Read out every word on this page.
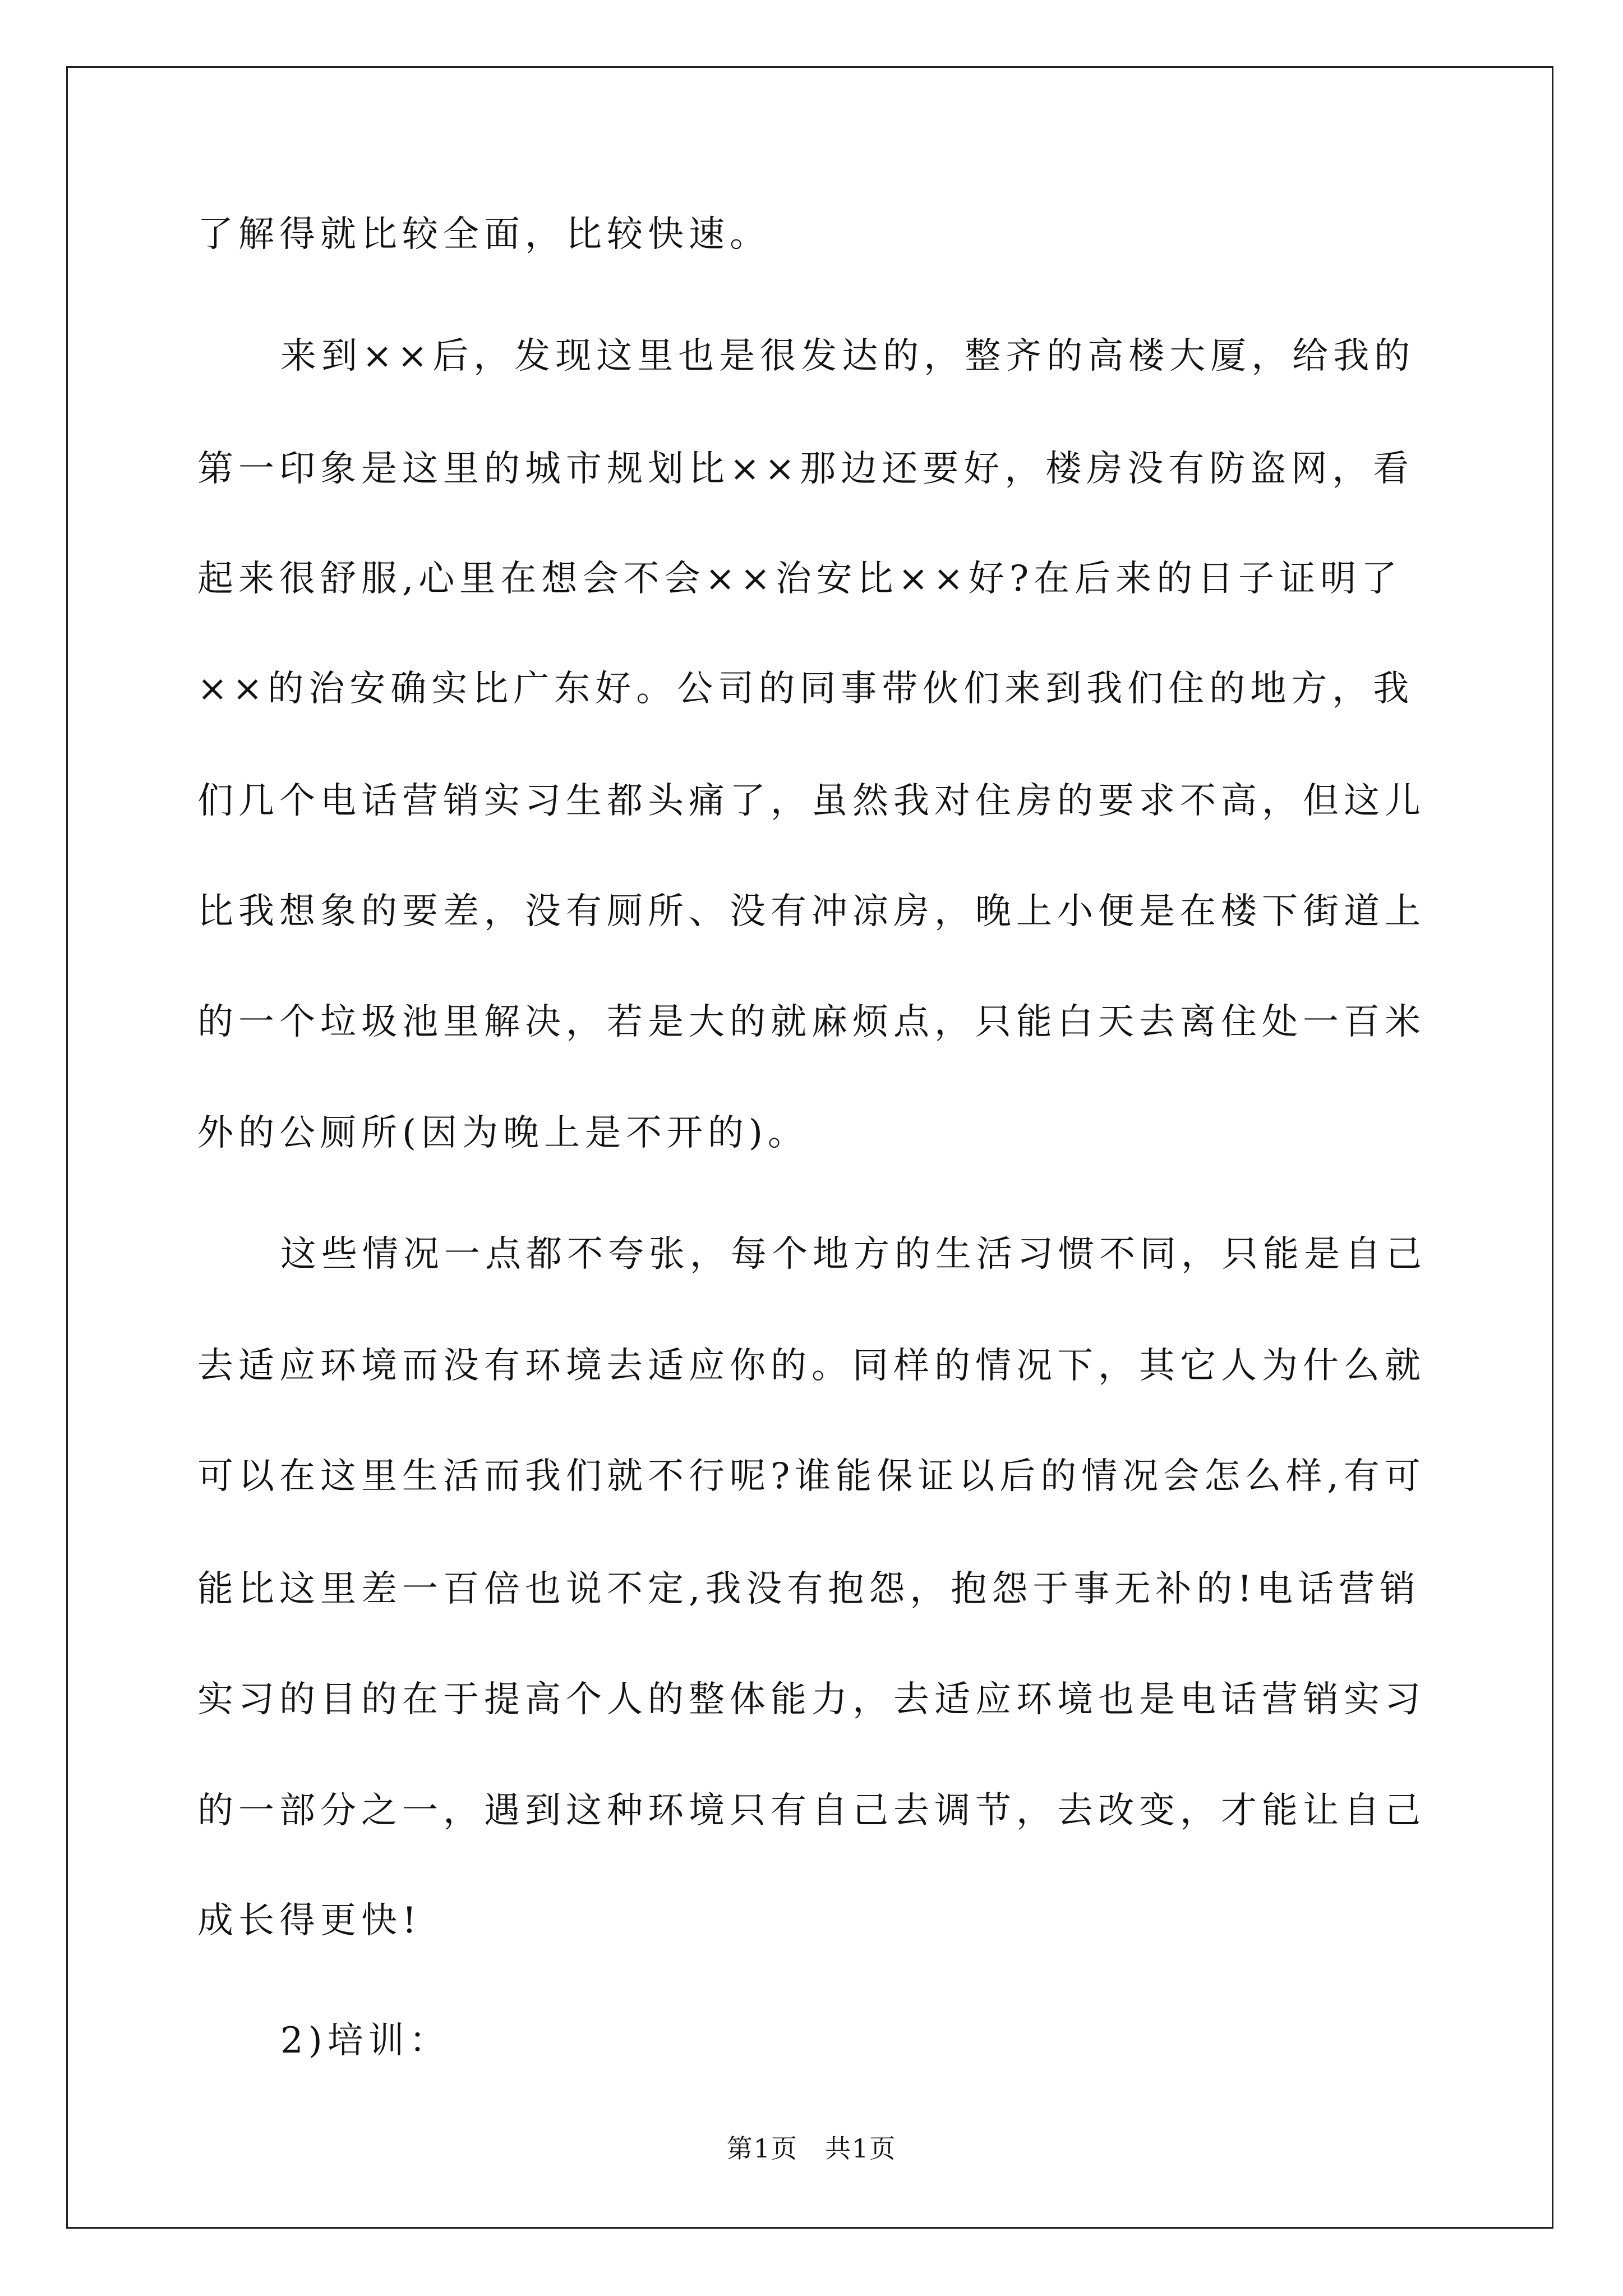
了解得就比较全面，比较快速。
来到××后，发现这里也是很发达的，整齐的高楼大厦，给我的
第一印象是这里的城市规划比××那边还要好，楼房没有防盗网，看
起来很舒服,心里在想会不会××治安比××好?在后来的日子证明了
××的治安确实比广东好。公司的同事带伙们来到我们住的地方，我
们几个电话营销实习生都头痛了，虽然我对住房的要求不高，但这儿
比我想象的要差，没有厕所、没有冲凉房，晚上小便是在楼下街道上
的一个垃圾池里解决，若是大的就麻烦点，只能白天去离住处一百米
外的公厕所(因为晚上是不开的)。
这些情况一点都不夸张，每个地方的生活习惯不同，只能是自己
去适应环境而没有环境去适应你的。同样的情况下，其它人为什么就
可以在这里生活而我们就不行呢?谁能保证以后的情况会怎么样,有可
能比这里差一百倍也说不定,我没有抱怨，抱怨于事无补的!电话营销
实习的目的在于提高个人的整体能力，去适应环境也是电话营销实习
的一部分之一，遇到这种环境只有自己去调节，去改变，才能让自己
成长得更快!
2)培训：
第1页　共1页
